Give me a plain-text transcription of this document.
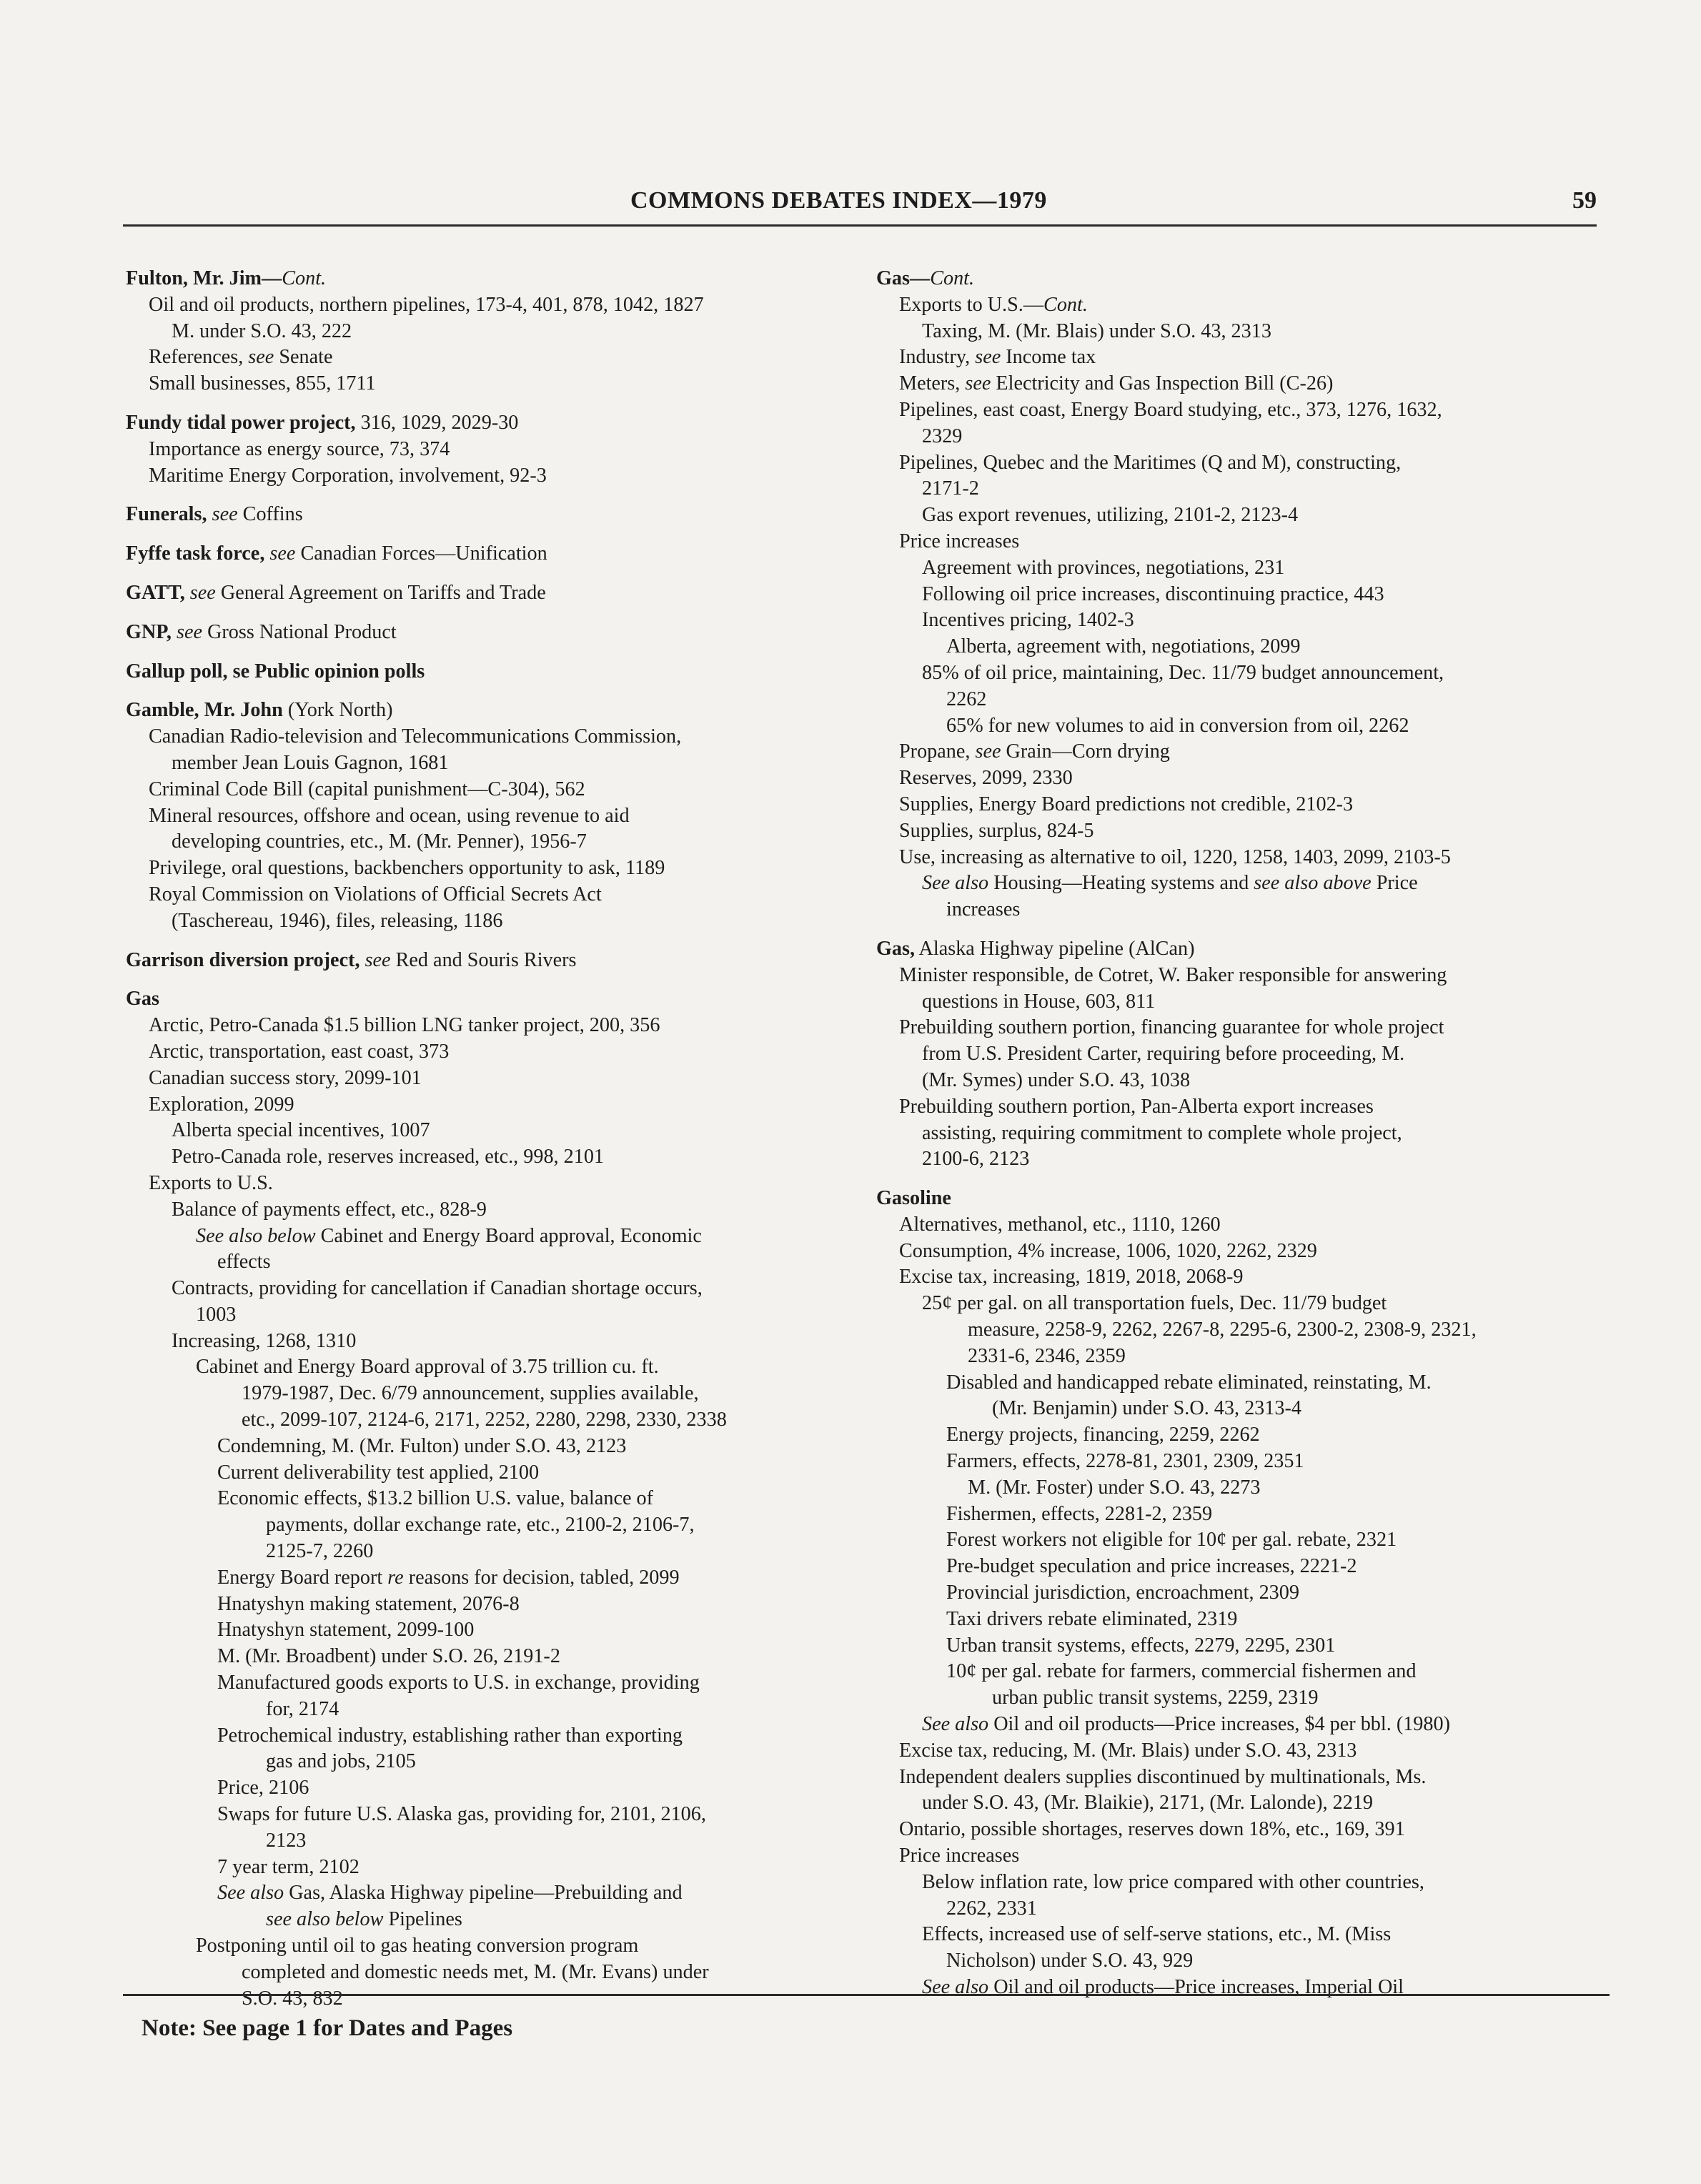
COMMONS DEBATES INDEX—1979	59
Fulton, Mr. Jim—Cont.
Oil and oil products, northern pipelines, 173-4, 401, 878, 1042, 1827
M. under S.O. 43, 222
References, see Senate
Small businesses, 855, 1711
Fundy tidal power project, 316, 1029, 2029-30
Importance as energy source, 73, 374
Maritime Energy Corporation, involvement, 92-3
Funerals, see Coffins
Fyffe task force, see Canadian Forces—Unification
GATT, see General Agreement on Tariffs and Trade
GNP, see Gross National Product
Gallup poll, se Public opinion polls
Gamble, Mr. John (York North)
Canadian Radio-television and Telecommunications Commission,
member Jean Louis Gagnon, 1681
Criminal Code Bill (capital punishment—C-304), 562
Mineral resources, offshore and ocean, using revenue to aid
developing countries, etc., M. (Mr. Penner), 1956-7
Privilege, oral questions, backbenchers opportunity to ask, 1189
Royal Commission on Violations of Official Secrets Act
(Taschereau, 1946), files, releasing, 1186
Garrison diversion project, see Red and Souris Rivers
Gas
Arctic, Petro-Canada $1.5 billion LNG tanker project, 200, 356
Arctic, transportation, east coast, 373
Canadian success story, 2099-101
Exploration, 2099
Alberta special incentives, 1007
Petro-Canada role, reserves increased, etc., 998, 2101
Exports to U.S.
Balance of payments effect, etc., 828-9
See also below Cabinet and Energy Board approval, Economic
effects
Contracts, providing for cancellation if Canadian shortage occurs,
1003
Increasing, 1268, 1310
Cabinet and Energy Board approval of 3.75 trillion cu. ft.
1979-1987, Dec. 6/79 announcement, supplies available,
etc., 2099-107, 2124-6, 2171, 2252, 2280, 2298, 2330, 2338
Condemning, M. (Mr. Fulton) under S.O. 43, 2123
Current deliverability test applied, 2100
Economic effects, $13.2 billion U.S. value, balance of
payments, dollar exchange rate, etc., 2100-2, 2106-7,
2125-7, 2260
Energy Board report re reasons for decision, tabled, 2099
Hnatyshyn making statement, 2076-8
Hnatyshyn statement, 2099-100
M. (Mr. Broadbent) under S.O. 26, 2191-2
Manufactured goods exports to U.S. in exchange, providing
for, 2174
Petrochemical industry, establishing rather than exporting
gas and jobs, 2105
Price, 2106
Swaps for future U.S. Alaska gas, providing for, 2101, 2106,
2123
7 year term, 2102
See also Gas, Alaska Highway pipeline—Prebuilding and
see also below Pipelines
Postponing until oil to gas heating conversion program
completed and domestic needs met, M. (Mr. Evans) under
S.O. 43, 832
Gas—Cont.
Exports to U.S.—Cont.
Taxing, M. (Mr. Blais) under S.O. 43, 2313
Industry, see Income tax
Meters, see Electricity and Gas Inspection Bill (C-26)
Pipelines, east coast, Energy Board studying, etc., 373, 1276, 1632,
2329
Pipelines, Quebec and the Maritimes (Q and M), constructing,
2171-2
Gas export revenues, utilizing, 2101-2, 2123-4
Price increases
Agreement with provinces, negotiations, 231
Following oil price increases, discontinuing practice, 443
Incentives pricing, 1402-3
Alberta, agreement with, negotiations, 2099
85% of oil price, maintaining, Dec. 11/79 budget announcement,
2262
65% for new volumes to aid in conversion from oil, 2262
Propane, see Grain—Corn drying
Reserves, 2099, 2330
Supplies, Energy Board predictions not credible, 2102-3
Supplies, surplus, 824-5
Use, increasing as alternative to oil, 1220, 1258, 1403, 2099, 2103-5
See also Housing—Heating systems and see also above Price
increases
Gas, Alaska Highway pipeline (AlCan)
Minister responsible, de Cotret, W. Baker responsible for answering
questions in House, 603, 811
Prebuilding southern portion, financing guarantee for whole project
from U.S. President Carter, requiring before proceeding, M.
(Mr. Symes) under S.O. 43, 1038
Prebuilding southern portion, Pan-Alberta export increases
assisting, requiring commitment to complete whole project,
2100-6, 2123
Gasoline
Alternatives, methanol, etc., 1110, 1260
Consumption, 4% increase, 1006, 1020, 2262, 2329
Excise tax, increasing, 1819, 2018, 2068-9
25¢ per gal. on all transportation fuels, Dec. 11/79 budget
measure, 2258-9, 2262, 2267-8, 2295-6, 2300-2, 2308-9, 2321,
2331-6, 2346, 2359
Disabled and handicapped rebate eliminated, reinstating, M.
(Mr. Benjamin) under S.O. 43, 2313-4
Energy projects, financing, 2259, 2262
Farmers, effects, 2278-81, 2301, 2309, 2351
M. (Mr. Foster) under S.O. 43, 2273
Fishermen, effects, 2281-2, 2359
Forest workers not eligible for 10¢ per gal. rebate, 2321
Pre-budget speculation and price increases, 2221-2
Provincial jurisdiction, encroachment, 2309
Taxi drivers rebate eliminated, 2319
Urban transit systems, effects, 2279, 2295, 2301
10¢ per gal. rebate for farmers, commercial fishermen and
urban public transit systems, 2259, 2319
See also Oil and oil products—Price increases, $4 per bbl. (1980)
Excise tax, reducing, M. (Mr. Blais) under S.O. 43, 2313
Independent dealers supplies discontinued by multinationals, Ms.
under S.O. 43, (Mr. Blaikie), 2171, (Mr. Lalonde), 2219
Ontario, possible shortages, reserves down 18%, etc., 169, 391
Price increases
Below inflation rate, low price compared with other countries,
2262, 2331
Effects, increased use of self-serve stations, etc., M. (Miss
Nicholson) under S.O. 43, 929
See also Oil and oil products—Price increases, Imperial Oil
Note: See page 1 for Dates and Pages
